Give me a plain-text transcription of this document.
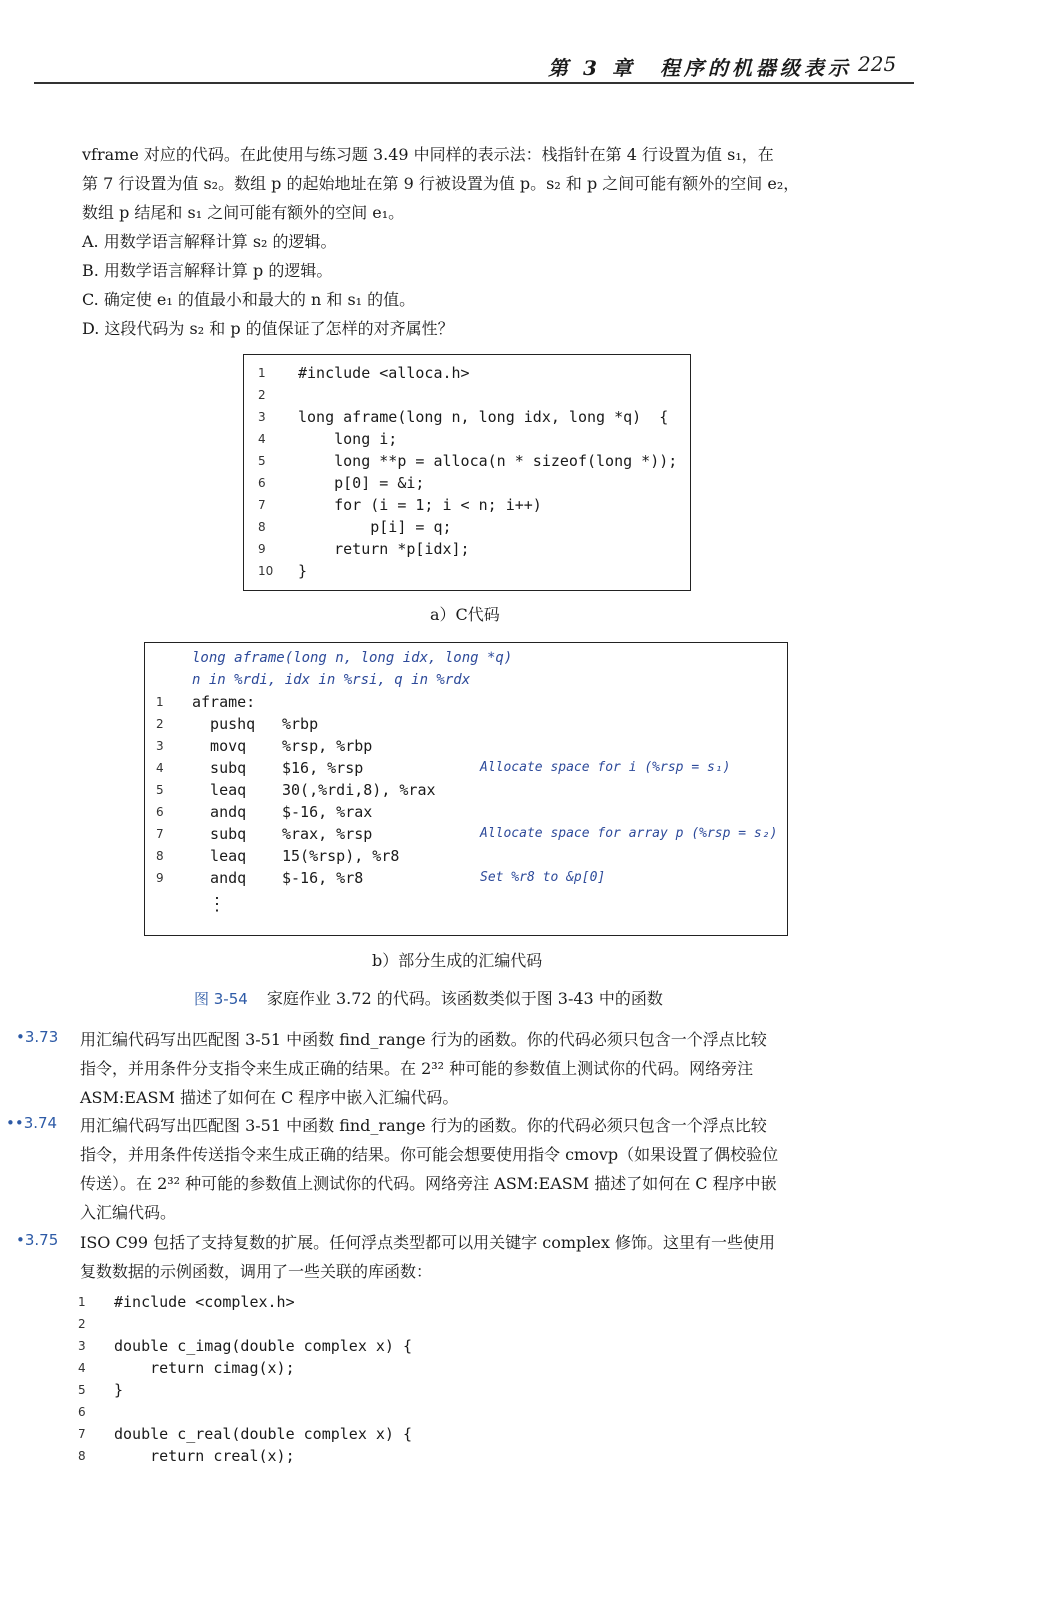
第 3 章　程序的机器级表示 225
vframe 对应的代码。在此使用与练习题 3.49 中同样的表示法：栈指针在第 4 行设置为值 s₁，在
第 7 行设置为值 s₂。数组 p 的起始地址在第 9 行被设置为值 p。s₂ 和 p 之间可能有额外的空间 e₂，
数组 p 结尾和 s₁ 之间可能有额外的空间 e₁。
A. 用数学语言解释计算 s₂ 的逻辑。
B. 用数学语言解释计算 p 的逻辑。
C. 确定使 e₁ 的值最小和最大的 n 和 s₁ 的值。
D. 这段代码为 s₂ 和 p 的值保证了怎样的对齐属性？
1	#include <alloca.h>
2
3	long aframe(long n, long idx, long *q)  {
4	long i;
5	long **p = alloca(n * sizeof(long *));
6	p[0] = &i;
7	for (i = 1; i < n; i++)
8	p[i] = q;
9	return *p[idx];
10	}
a）C代码
long aframe(long n, long idx, long *q)
n in %rdi, idx in %rsi, q in %rdx
1	aframe:
2	pushq	%rbp
3	movq	%rsp, %rbp
4	subq	$16, %rsp	Allocate space for i (%rsp = s₁)
5	leaq	30(,%rdi,8), %rax
6	andq	$-16, %rax
7	subq	%rax, %rsp	Allocate space for array p (%rsp = s₂)
8	leaq	15(%rsp), %r8
9	andq	$-16, %r8	Set %r8 to &p[0]
⋮
b）部分生成的汇编代码
图 3-54 家庭作业 3.72 的代码。该函数类似于图 3-43 中的函数
•3.73 用汇编代码写出匹配图 3-51 中函数 find_range 行为的函数。你的代码必须只包含一个浮点比较
指令，并用条件分支指令来生成正确的结果。在 2³² 种可能的参数值上测试你的代码。网络旁注
ASM:EASM 描述了如何在 C 程序中嵌入汇编代码。
••3.74 用汇编代码写出匹配图 3-51 中函数 find_range 行为的函数。你的代码必须只包含一个浮点比较
指令，并用条件传送指令来生成正确的结果。你可能会想要使用指令 cmovp（如果设置了偶校验位
传送）。在 2³² 种可能的参数值上测试你的代码。网络旁注 ASM:EASM 描述了如何在 C 程序中嵌
入汇编代码。
•3.75 ISO C99 包括了支持复数的扩展。任何浮点类型都可以用关键字 complex 修饰。这里有一些使用
复数数据的示例函数，调用了一些关联的库函数：
1	#include <complex.h>
2
3	double c_imag(double complex x) {
4	return cimag(x);
5	}
6
7	double c_real(double complex x) {
8	return creal(x);
